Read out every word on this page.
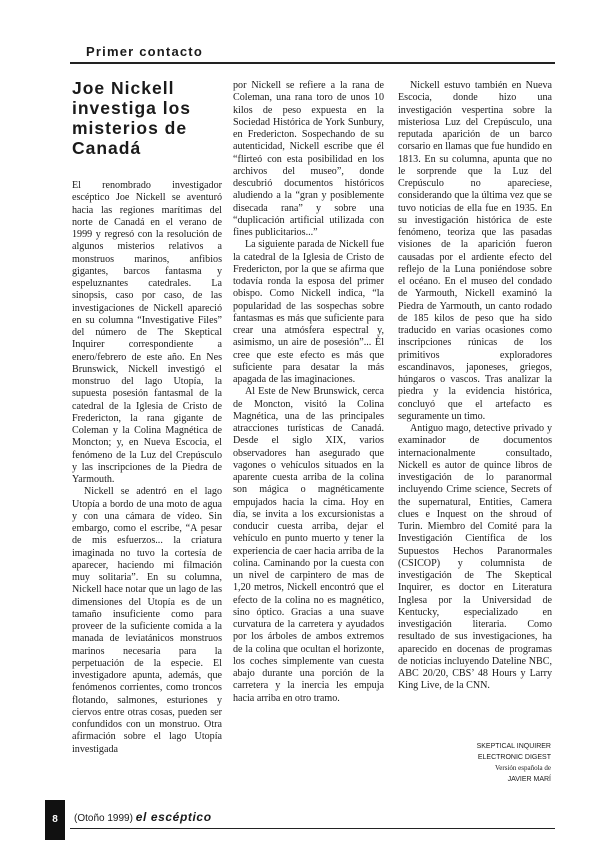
Primer contacto
Joe Nickell investiga los misterios de Canadá

El renombrado investigador escéptico Joe Nickell se aventuró hacia las regiones marítimas del norte de Canadá en el verano de 1999 y regresó con la resolución de algunos misterios relativos a monstruos marinos, anfibios gigantes, barcos fantasma y espeluznantes catedrales. La sinopsis, caso por caso, de las investigaciones de Nickell apareció en su columna “Investigative Files” del número de The Skeptical Inquirer correspondiente a enero/febrero de este año. En Nes Brunswick, Nickell investigó el monstruo del lago Utopía, la supuesta posesión fantasmal de la catedral de la Iglesia de Cristo de Fredericton, la rana gigante de Coleman y la Colina Magnética de Moncton; y, en Nueva Escocia, el fenómeno de la Luz del Crepúsculo y las inscripciones de la Piedra de Yarmouth.

Nickell se adentró en el lago Utopía a bordo de una moto de agua y con una cámara de vídeo. Sin embargo, como el escribe, “A pesar de mis esfuerzos... la criatura imaginada no tuvo la cortesía de aparecer, haciendo mi filmación muy solitaria”. En su columna, Nickell hace notar que un lago de las dimensiones del Utopía es de un tamaño insuficiente como para proveer de la suficiente comida a la manada de leviatánicos monstruos marinos necesaria para la perpetuación de la especie. El investigadore apunta, además, que fenómenos corrientes, como troncos flotando, salmones, esturiones y ciervos entre otras cosas, pueden ser confundidos con un monstruo. Otra afirmación sobre el lago Utopía investigada

por Nickell se refiere a la rana de Coleman, una rana toro de unos 10 kilos de peso expuesta en la Sociedad Histórica de York Sunbury, en Fredericton. Sospechando de su autenticidad, Nickell escribe que él “flirteó con esta posibilidad en los archivos del museo”, donde descubrió documentos históricos aludiendo a la “gran y posiblemente disecada rana” y sobre una “duplicación artificial utilizada con fines publicitarios...”

La siguiente parada de Nickell fue la catedral de la Iglesia de Cristo de Fredericton, por la que se afirma que todavía ronda la esposa del primer obispo. Como Nickell indica, “la popularidad de las sospechas sobre fantasmas es más que suficiente para crear una atmósfera espectral y, asimismo, un aire de posesión”... Él cree que este efecto es más que suficiente para desatar la más apagada de las imaginaciones.

Al Este de New Brunswick, cerca de Moncton, visitó la Colina Magnética, una de las principales atracciones turísticas de Canadá. Desde el siglo XIX, varios observadores han asegurado que vagones o vehículos situados en la aparente cuesta arriba de la colina son mágica o magnéticamente empujados hacia la cima. Hoy en día, se invita a los excursionistas a conducir cuesta arriba, dejar el vehículo en punto muerto y tener la experiencia de caer hacia arriba de la colina. Caminando por la cuesta con un nivel de carpintero de mas de 1,20 metros, Nickell encontró que el efecto de la colina no es magnético, sino óptico. Gracias a una suave curvatura de la carretera y ayudados por los árboles de ambos extremos de la colina que ocultan el horizonte, los coches simplemente van cuesta abajo durante una porción de la carretera y la inercia les empuja hacia arriba en otro tramo.

Nickell estuvo también en Nueva Escocia, donde hizo una investigación vespertina sobre la misteriosa Luz del Crepúsculo, una reputada aparición de un barco corsario en llamas que fue hundido en 1813. En su columna, apunta que no le sorprende que la Luz del Crepúsculo no apareciese, considerando que la última vez que se tuvo noticias de ella fue en 1935. En su investigación histórica de este fenómeno, teoriza que las pasadas visiones de la aparición fueron causadas por el ardiente efecto del reflejo de la Luna poniéndose sobre el océano. En el museo del condado de Yarmouth, Nickell examinó la Piedra de Yarmouth, un canto rodado de 185 kilos de peso que ha sido traducido en varias ocasiones como inscripciones rúnicas de los primitivos exploradores escandinavos, japoneses, griegos, húngaros o vascos. Tras analizar la piedra y la evidencia histórica, concluyó que el artefacto es seguramente un timo.

Antiguo mago, detective privado y examinador de documentos internacionalmente consultado, Nickell es autor de quince libros de investigación de lo paranormal incluyendo Crime science, Secrets of the supernatural, Entities, Camera clues e Inquest on the shroud of Turin. Miembro del Comité para la Investigación Científica de los Supuestos Hechos Paranormales (CSICOP) y columnista de investigación de The Skeptical Inquirer, es doctor en Literatura Inglesa por la Universidad de Kentucky, especializado en investigación literaria. Como resultado de sus investigaciones, ha aparecido en docenas de programas de noticias incluyendo Dateline NBC, ABC 20/20, CBS’ 48 Hours y Larry King Live, de la CNN.

SKEPTICAL INQUIRER
ELECTRONIC DIGEST
Versión española de
JAVIER MARÍ
8	(Otoño 1999) el escéptico
